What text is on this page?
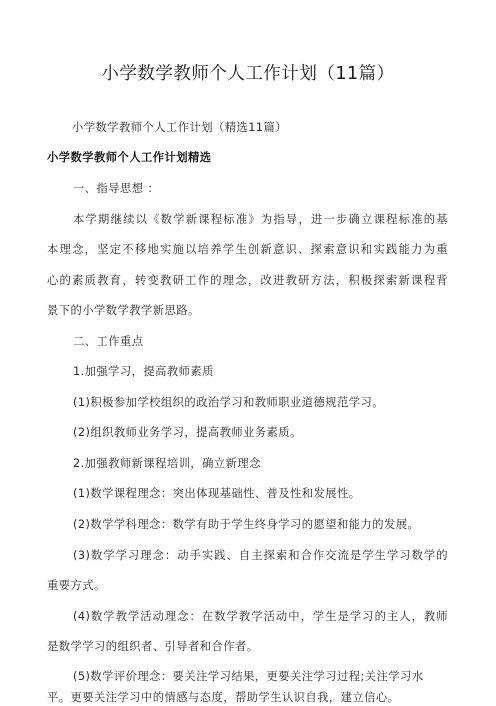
小学数学教师个人工作计划（11篇）
小学数学教师个人工作计划（精选11篇）
小学数学教师个人工作计划精选
一、指导思想 ：
本学期继续以《数学新课程标准》为指导，进一步确立课程标准的基
本理念，坚定不移地实施以培养学生创新意识、探索意识和实践能力为重
心的素质教育，转变教研工作的理念，改进教研方法，积极探索新课程背
景下的小学数学教学新思路。
二、工作重点
1.加强学习，提高教师素质
(1)积极参加学校组织的政治学习和教师职业道德规范学习。
(2)组织教师业务学习，提高教师业务素质。
2.加强教师新课程培训，确立新理念
(1)数学课程理念：突出体现基础性、普及性和发展性。
(2)数学学科理念：数学有助于学生终身学习的愿望和能力的发展。
(3)数学学习理念：动手实践、自主探索和合作交流是学生学习数学的
重要方式。
(4)数学教学活动理念：在数学教学活动中，学生是学习的主人，教师
是数学学习的组织者、引导者和合作者。
(5)数学评价理念：要关注学习结果，更要关注学习过程;关注学习水
平。更要关注学习中的情感与态度，帮助学生认识自我，建立信心。
